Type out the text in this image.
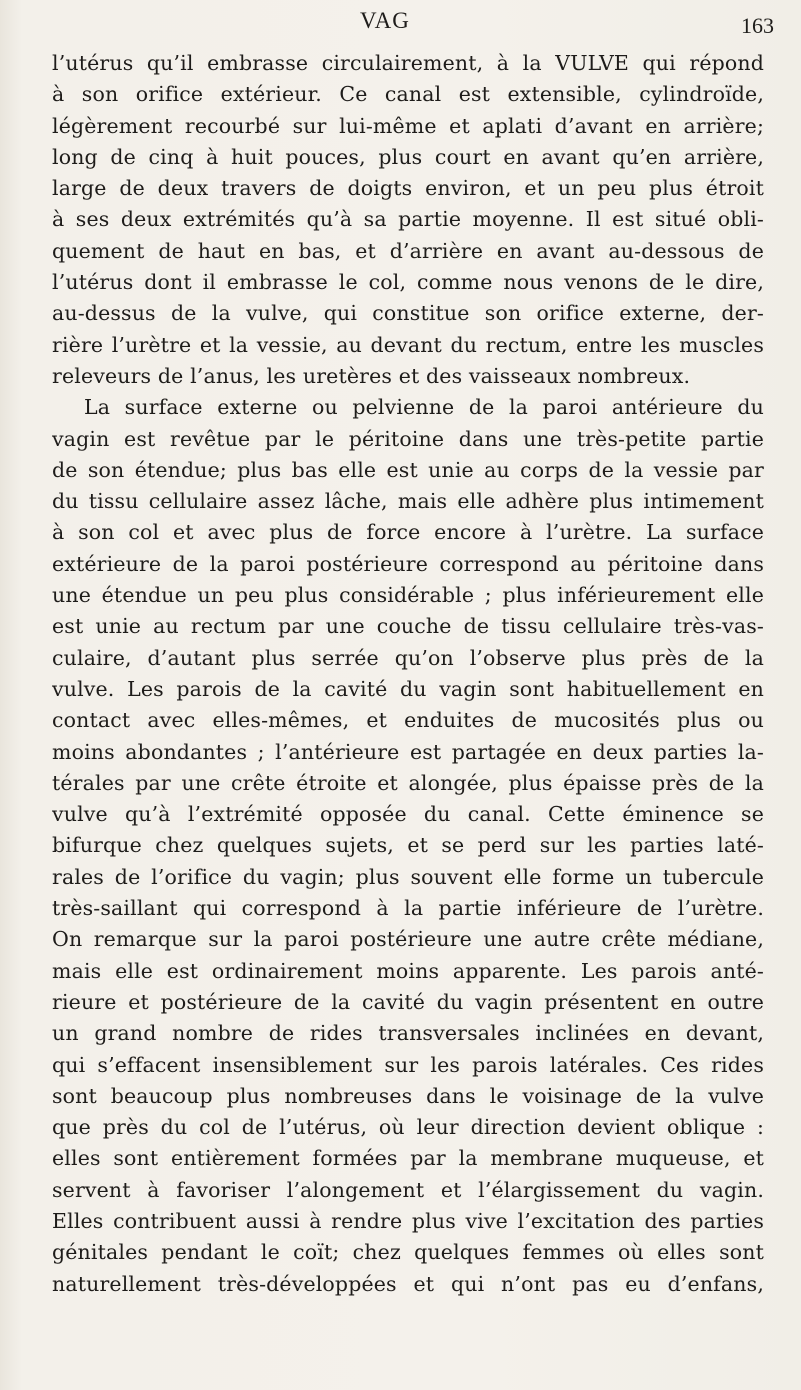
VAG	163

l’utérus qu’il embrasse circulairement, à la VULVE qui répond
à son orifice extérieur. Ce canal est extensible, cylindroïde,
légèrement recourbé sur lui-même et aplati d’avant en arrière;
long de cinq à huit pouces, plus court en avant qu’en arrière,
large de deux travers de doigts environ, et un peu plus étroit
à ses deux extrémités qu’à sa partie moyenne. Il est situé obli-
quement de haut en bas, et d’arrière en avant au-dessous de
l’utérus dont il embrasse le col, comme nous venons de le dire,
au-dessus de la vulve, qui constitue son orifice externe, der-
rière l’urètre et la vessie, au devant du rectum, entre les muscles
releveurs de l’anus, les uretères et des vaisseaux nombreux.

La surface externe ou pelvienne de la paroi antérieure du
vagin est revêtue par le péritoine dans une très-petite partie
de son étendue; plus bas elle est unie au corps de la vessie par
du tissu cellulaire assez lâche, mais elle adhère plus intimement
à son col et avec plus de force encore à l’urètre. La surface
extérieure de la paroi postérieure correspond au péritoine dans
une étendue un peu plus considérable ; plus inférieurement elle
est unie au rectum par une couche de tissu cellulaire très-vas-
culaire, d’autant plus serrée qu’on l’observe plus près de la
vulve. Les parois de la cavité du vagin sont habituellement en
contact avec elles-mêmes, et enduites de mucosités plus ou
moins abondantes ; l’antérieure est partagée en deux parties la-
térales par une crête étroite et alongée, plus épaisse près de la
vulve qu’à l’extrémité opposée du canal. Cette éminence se
bifurque chez quelques sujets, et se perd sur les parties laté-
rales de l’orifice du vagin; plus souvent elle forme un tubercule
très-saillant qui correspond à la partie inférieure de l’urètre.
On remarque sur la paroi postérieure une autre crête médiane,
mais elle est ordinairement moins apparente. Les parois anté-
rieure et postérieure de la cavité du vagin présentent en outre
un grand nombre de rides transversales inclinées en devant,
qui s’effacent insensiblement sur les parois latérales. Ces rides
sont beaucoup plus nombreuses dans le voisinage de la vulve
que près du col de l’utérus, où leur direction devient oblique :
elles sont entièrement formées par la membrane muqueuse, et
servent à favoriser l’alongement et l’élargissement du vagin.
Elles contribuent aussi à rendre plus vive l’excitation des parties
génitales pendant le coït; chez quelques femmes où elles sont
naturellement très-développées et qui n’ont pas eu d’enfans,
